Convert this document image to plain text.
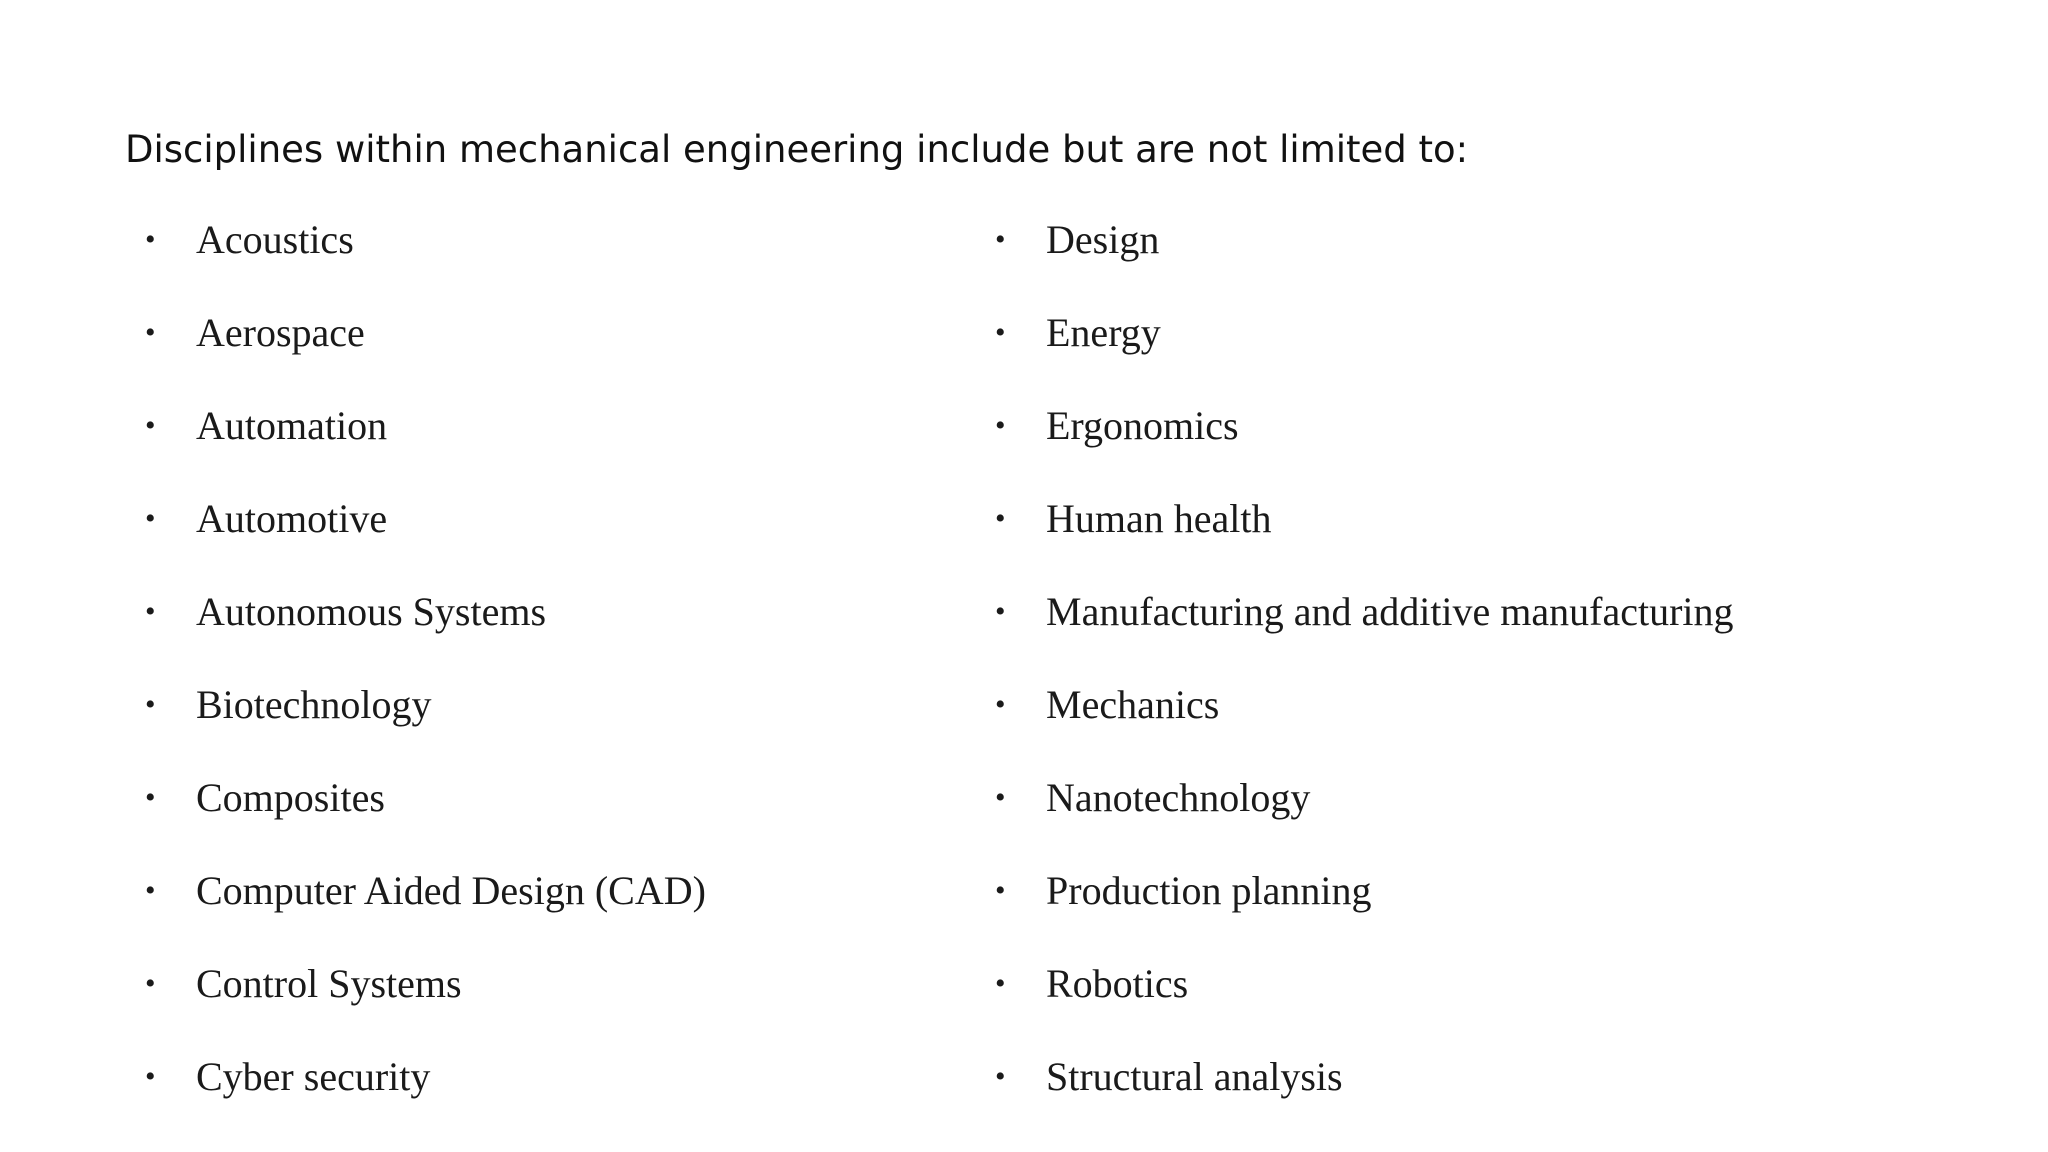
Disciplines within mechanical engineering include but are not limited to:
•	Acoustics
•	Aerospace
•	Automation
•	Automotive
•	Autonomous Systems
•	Biotechnology
•	Composites
•	Computer Aided Design (CAD)
•	Control Systems
•	Cyber security
•	Design
•	Energy
•	Ergonomics
•	Human health
•	Manufacturing and additive manufacturing
•	Mechanics
•	Nanotechnology
•	Production planning
•	Robotics
•	Structural analysis
